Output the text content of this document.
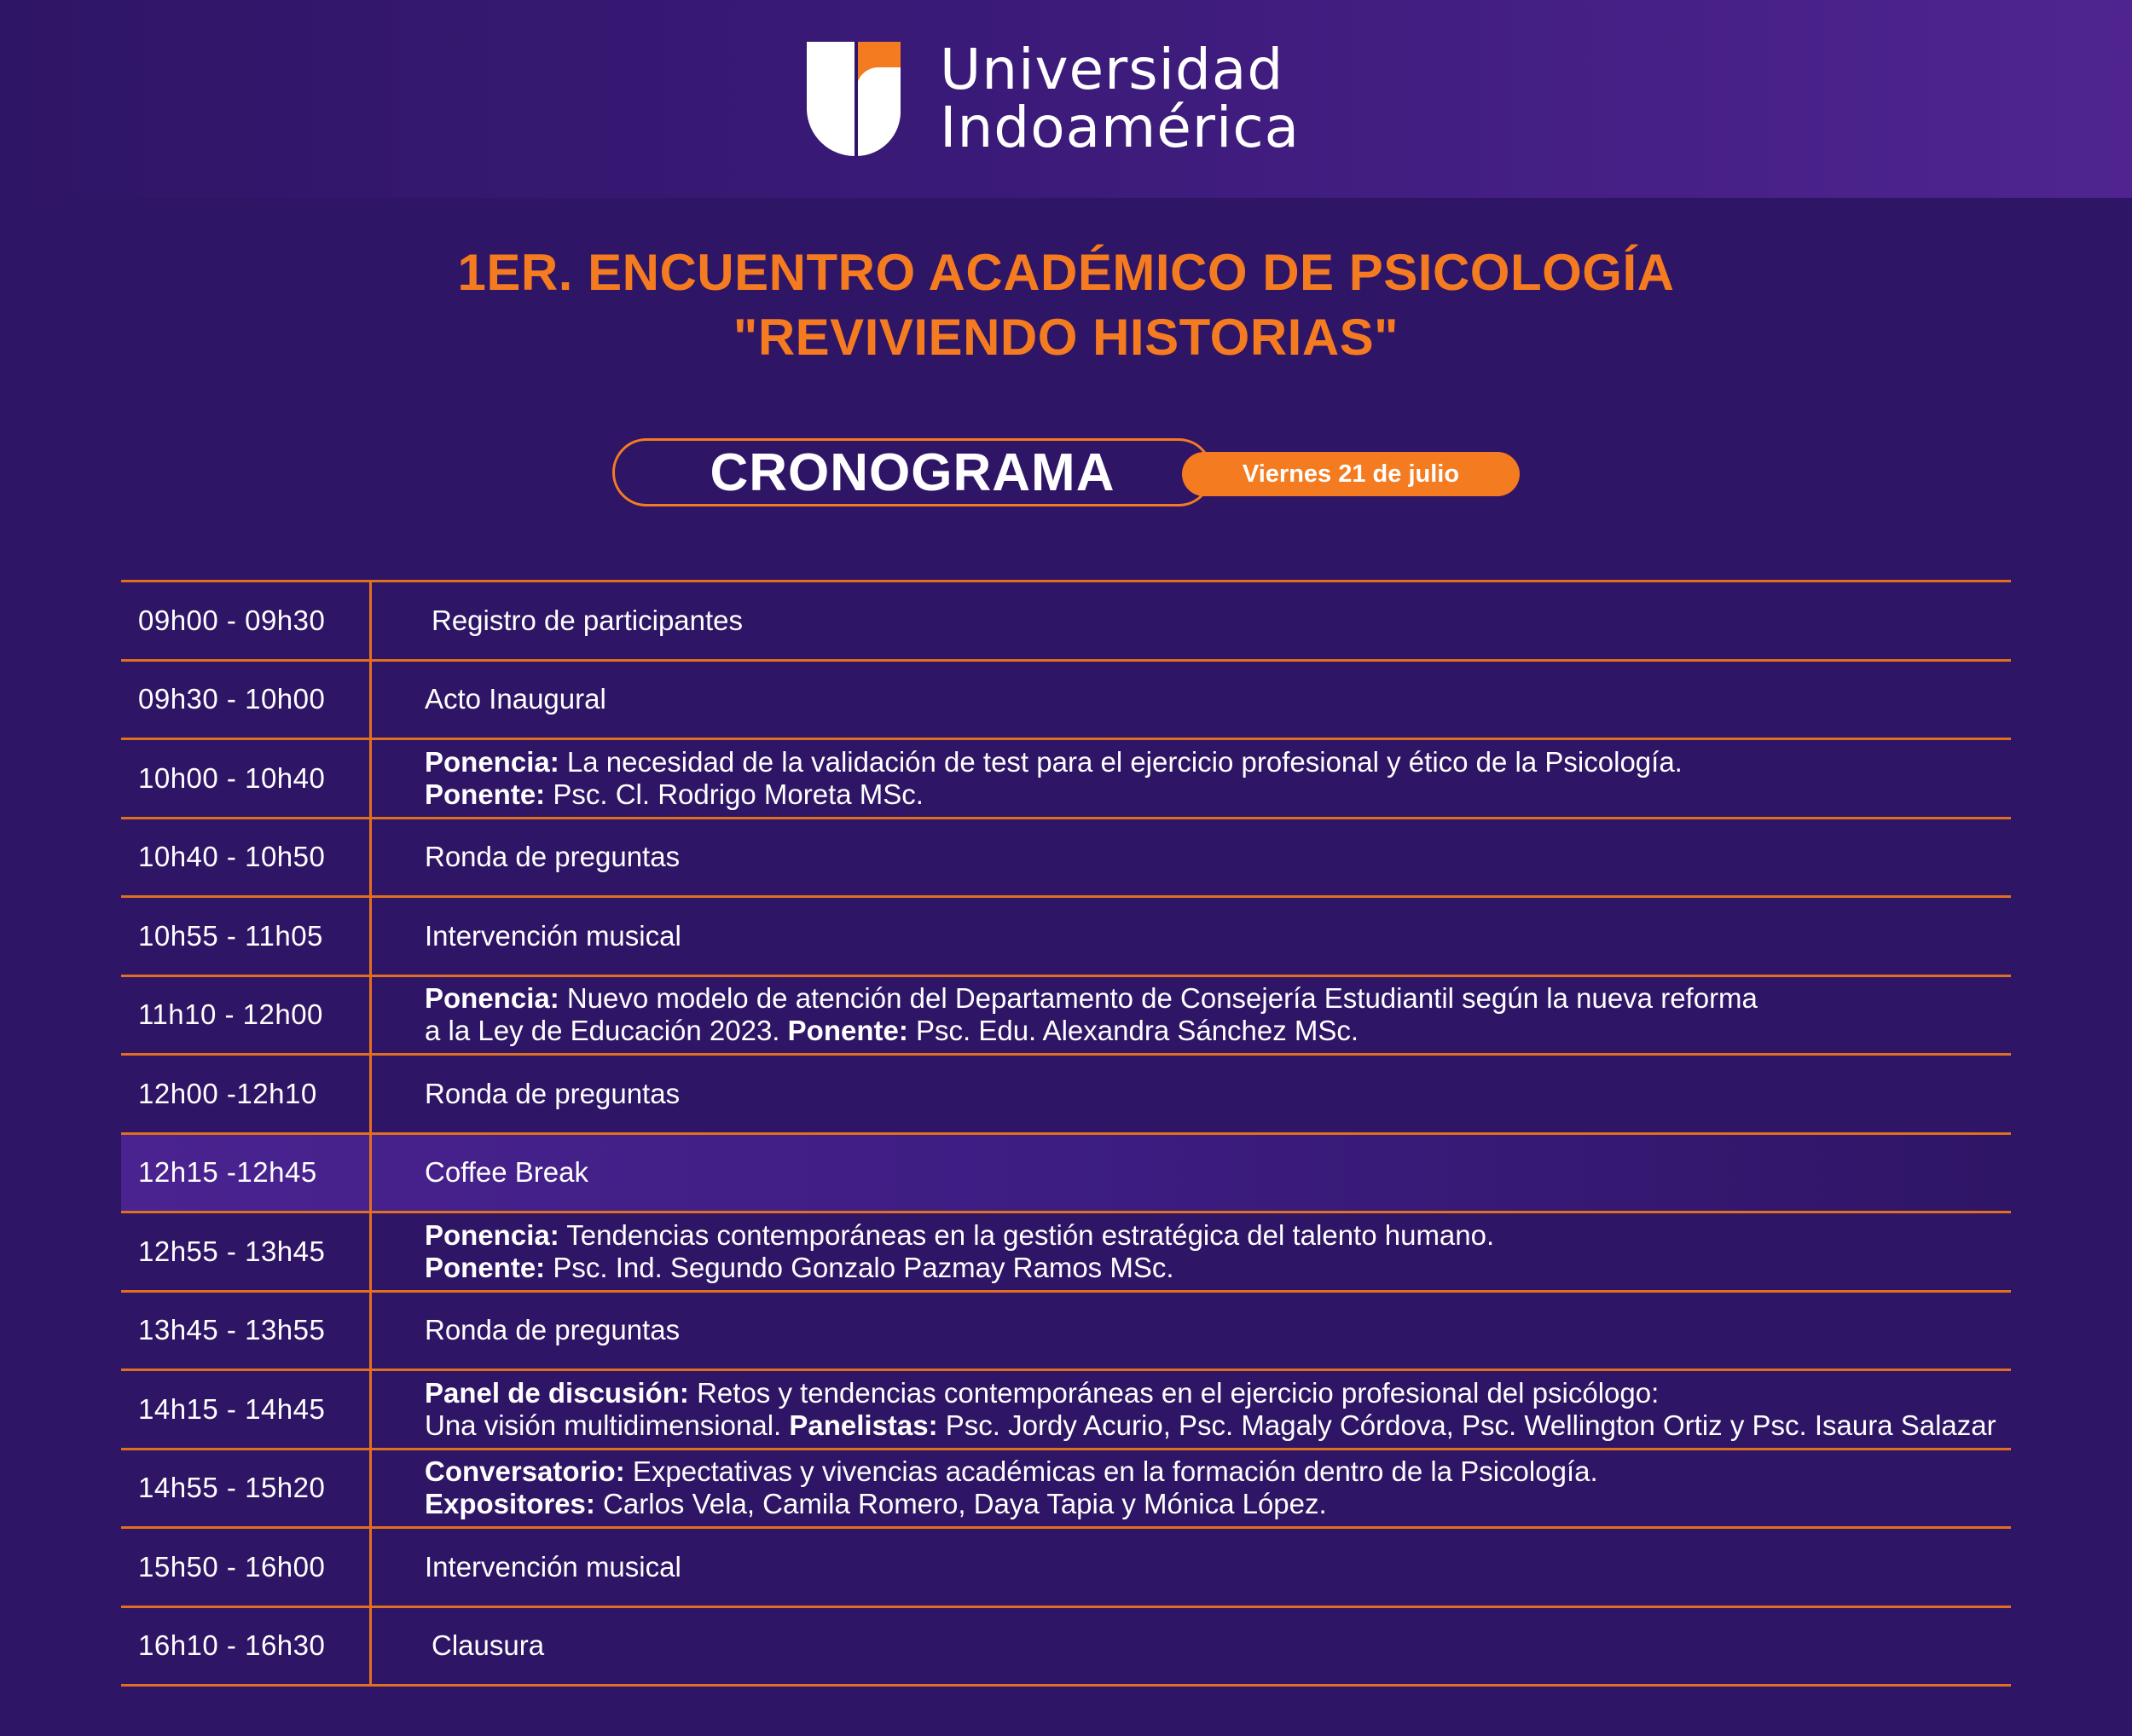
Universidad
Indoamérica
1ER. ENCUENTRO ACADÉMICO DE PSICOLOGÍA
"REVIVIENDO HISTORIAS"
CRONOGRAMA	Viernes 21 de julio
09h00 - 09h30	Registro de participantes
09h30 - 10h00	Acto Inaugural
10h00 - 10h40
Ponencia: La necesidad de la validación de test para el ejercicio profesional y ético de la Psicología.
Ponente: Psc. Cl. Rodrigo Moreta MSc.
10h40 - 10h50	Ronda de preguntas
10h55 - 11h05	Intervención musical
11h10 - 12h00
Ponencia: Nuevo modelo de atención del Departamento de Consejería Estudiantil según la nueva reforma
a la Ley de Educación 2023. Ponente: Psc. Edu. Alexandra Sánchez MSc.
12h00 -12h10	Ronda de preguntas
12h15 -12h45	Coffee Break
12h55 - 13h45
Ponencia: Tendencias contemporáneas en la gestión estratégica del talento humano.
Ponente: Psc. Ind. Segundo Gonzalo Pazmay Ramos MSc.
13h45 - 13h55	Ronda de preguntas
14h15 - 14h45
Panel de discusión: Retos y tendencias contemporáneas en el ejercicio profesional del psicólogo:
Una visión multidimensional. Panelistas: Psc. Jordy Acurio, Psc. Magaly Córdova, Psc. Wellington Ortiz y Psc. Isaura Salazar
14h55 - 15h20
Conversatorio: Expectativas y vivencias académicas en la formación dentro de la Psicología.
Expositores: Carlos Vela, Camila Romero, Daya Tapia y Mónica López.
15h50 - 16h00	Intervención musical
16h10 - 16h30	Clausura
